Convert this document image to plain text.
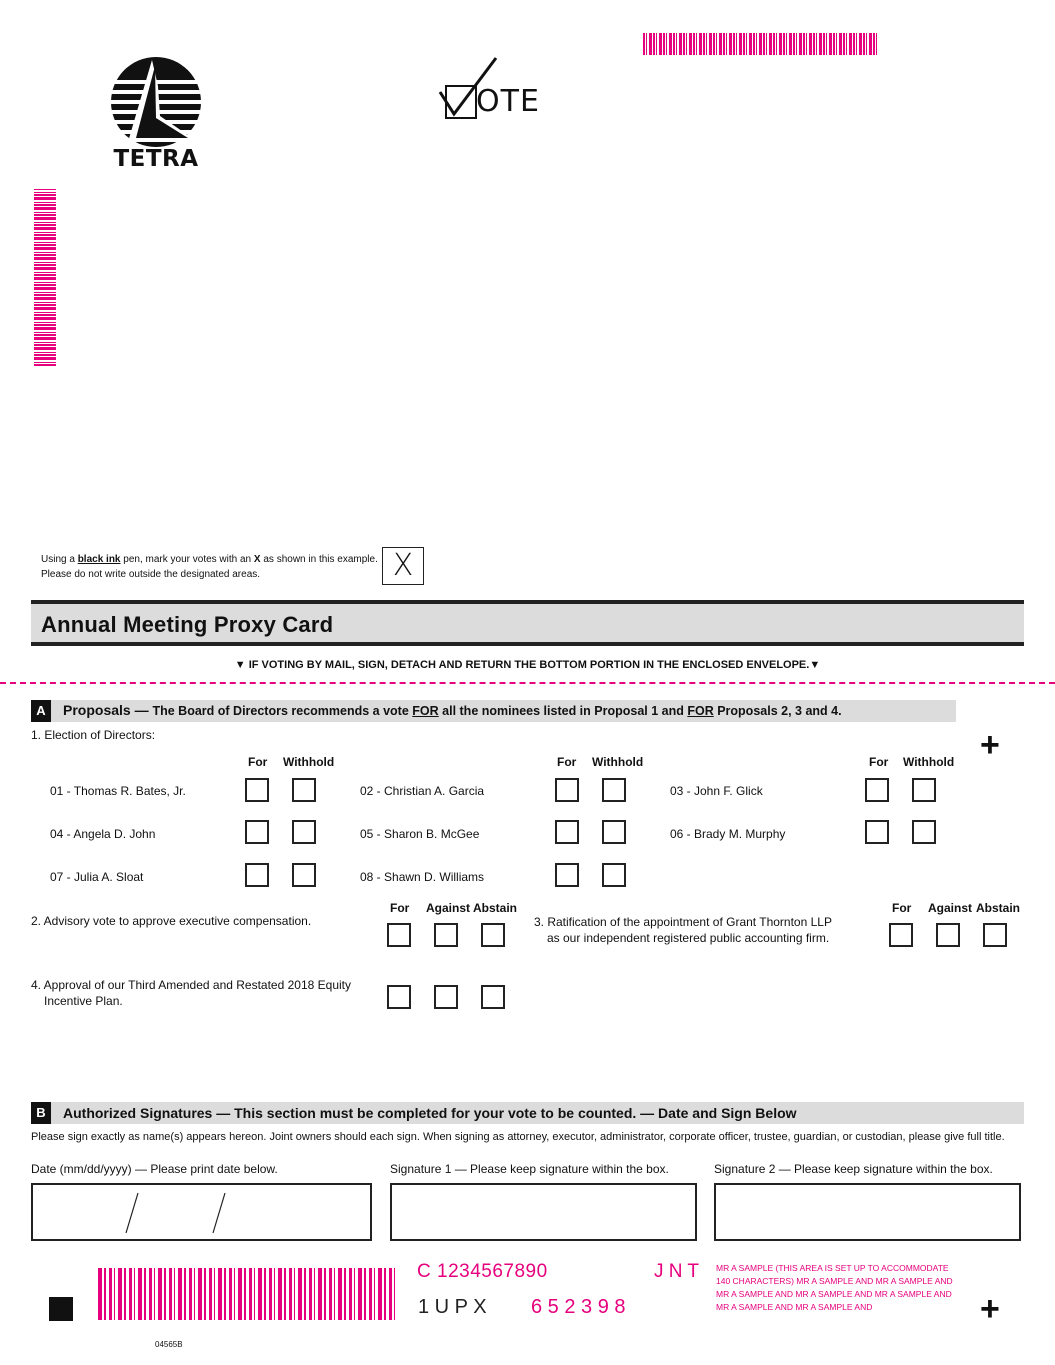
TETRA
OTE
Using a black ink pen, mark your votes with an X as shown in this example.
Please do not write outside the designated areas.	X
Annual Meeting Proxy Card
▼ IF VOTING BY MAIL, SIGN, DETACH AND RETURN THE BOTTOM PORTION IN THE ENCLOSED ENVELOPE.▼
A	Proposals — The Board of Directors recommends a vote FOR all the nominees listed in Proposal 1 and FOR Proposals 2, 3 and 4.
+
1. Election of Directors:
For Withhold	For Withhold	For Withhold
01 - Thomas R. Bates, Jr.	02 - Christian A. Garcia	03 - John F. Glick
04 - Angela D. John	05 - Sharon B. McGee	06 - Brady M. Murphy
07 - Julia A. Sloat	08 - Shawn D. Williams
2. Advisory vote to approve executive compensation.
For Against Abstain
3. Ratification of the appointment of Grant Thornton LLP
as our independent registered public accounting firm.
For Against Abstain
4. Approval of our Third Amended and Restated 2018 Equity
Incentive Plan.
B	Authorized Signatures — This section must be completed for your vote to be counted. — Date and Sign Below
Please sign exactly as name(s) appears hereon. Joint owners should each sign. When signing as attorney, executor, administrator, corporate officer, trustee, guardian, or custodian, please give full title.
Date (mm/dd/yyyy) — Please print date below.	Signature 1 — Please keep signature within the box.	Signature 2 — Please keep signature within the box.
C 1234567890	J N T
1 U P X 6 5 2 3 9 8
MR A SAMPLE (THIS AREA IS SET UP TO ACCOMMODATE 140 CHARACTERS) MR A SAMPLE AND MR A SAMPLE AND MR A SAMPLE AND MR A SAMPLE AND MR A SAMPLE AND MR A SAMPLE AND MR A SAMPLE AND	+
04565B
